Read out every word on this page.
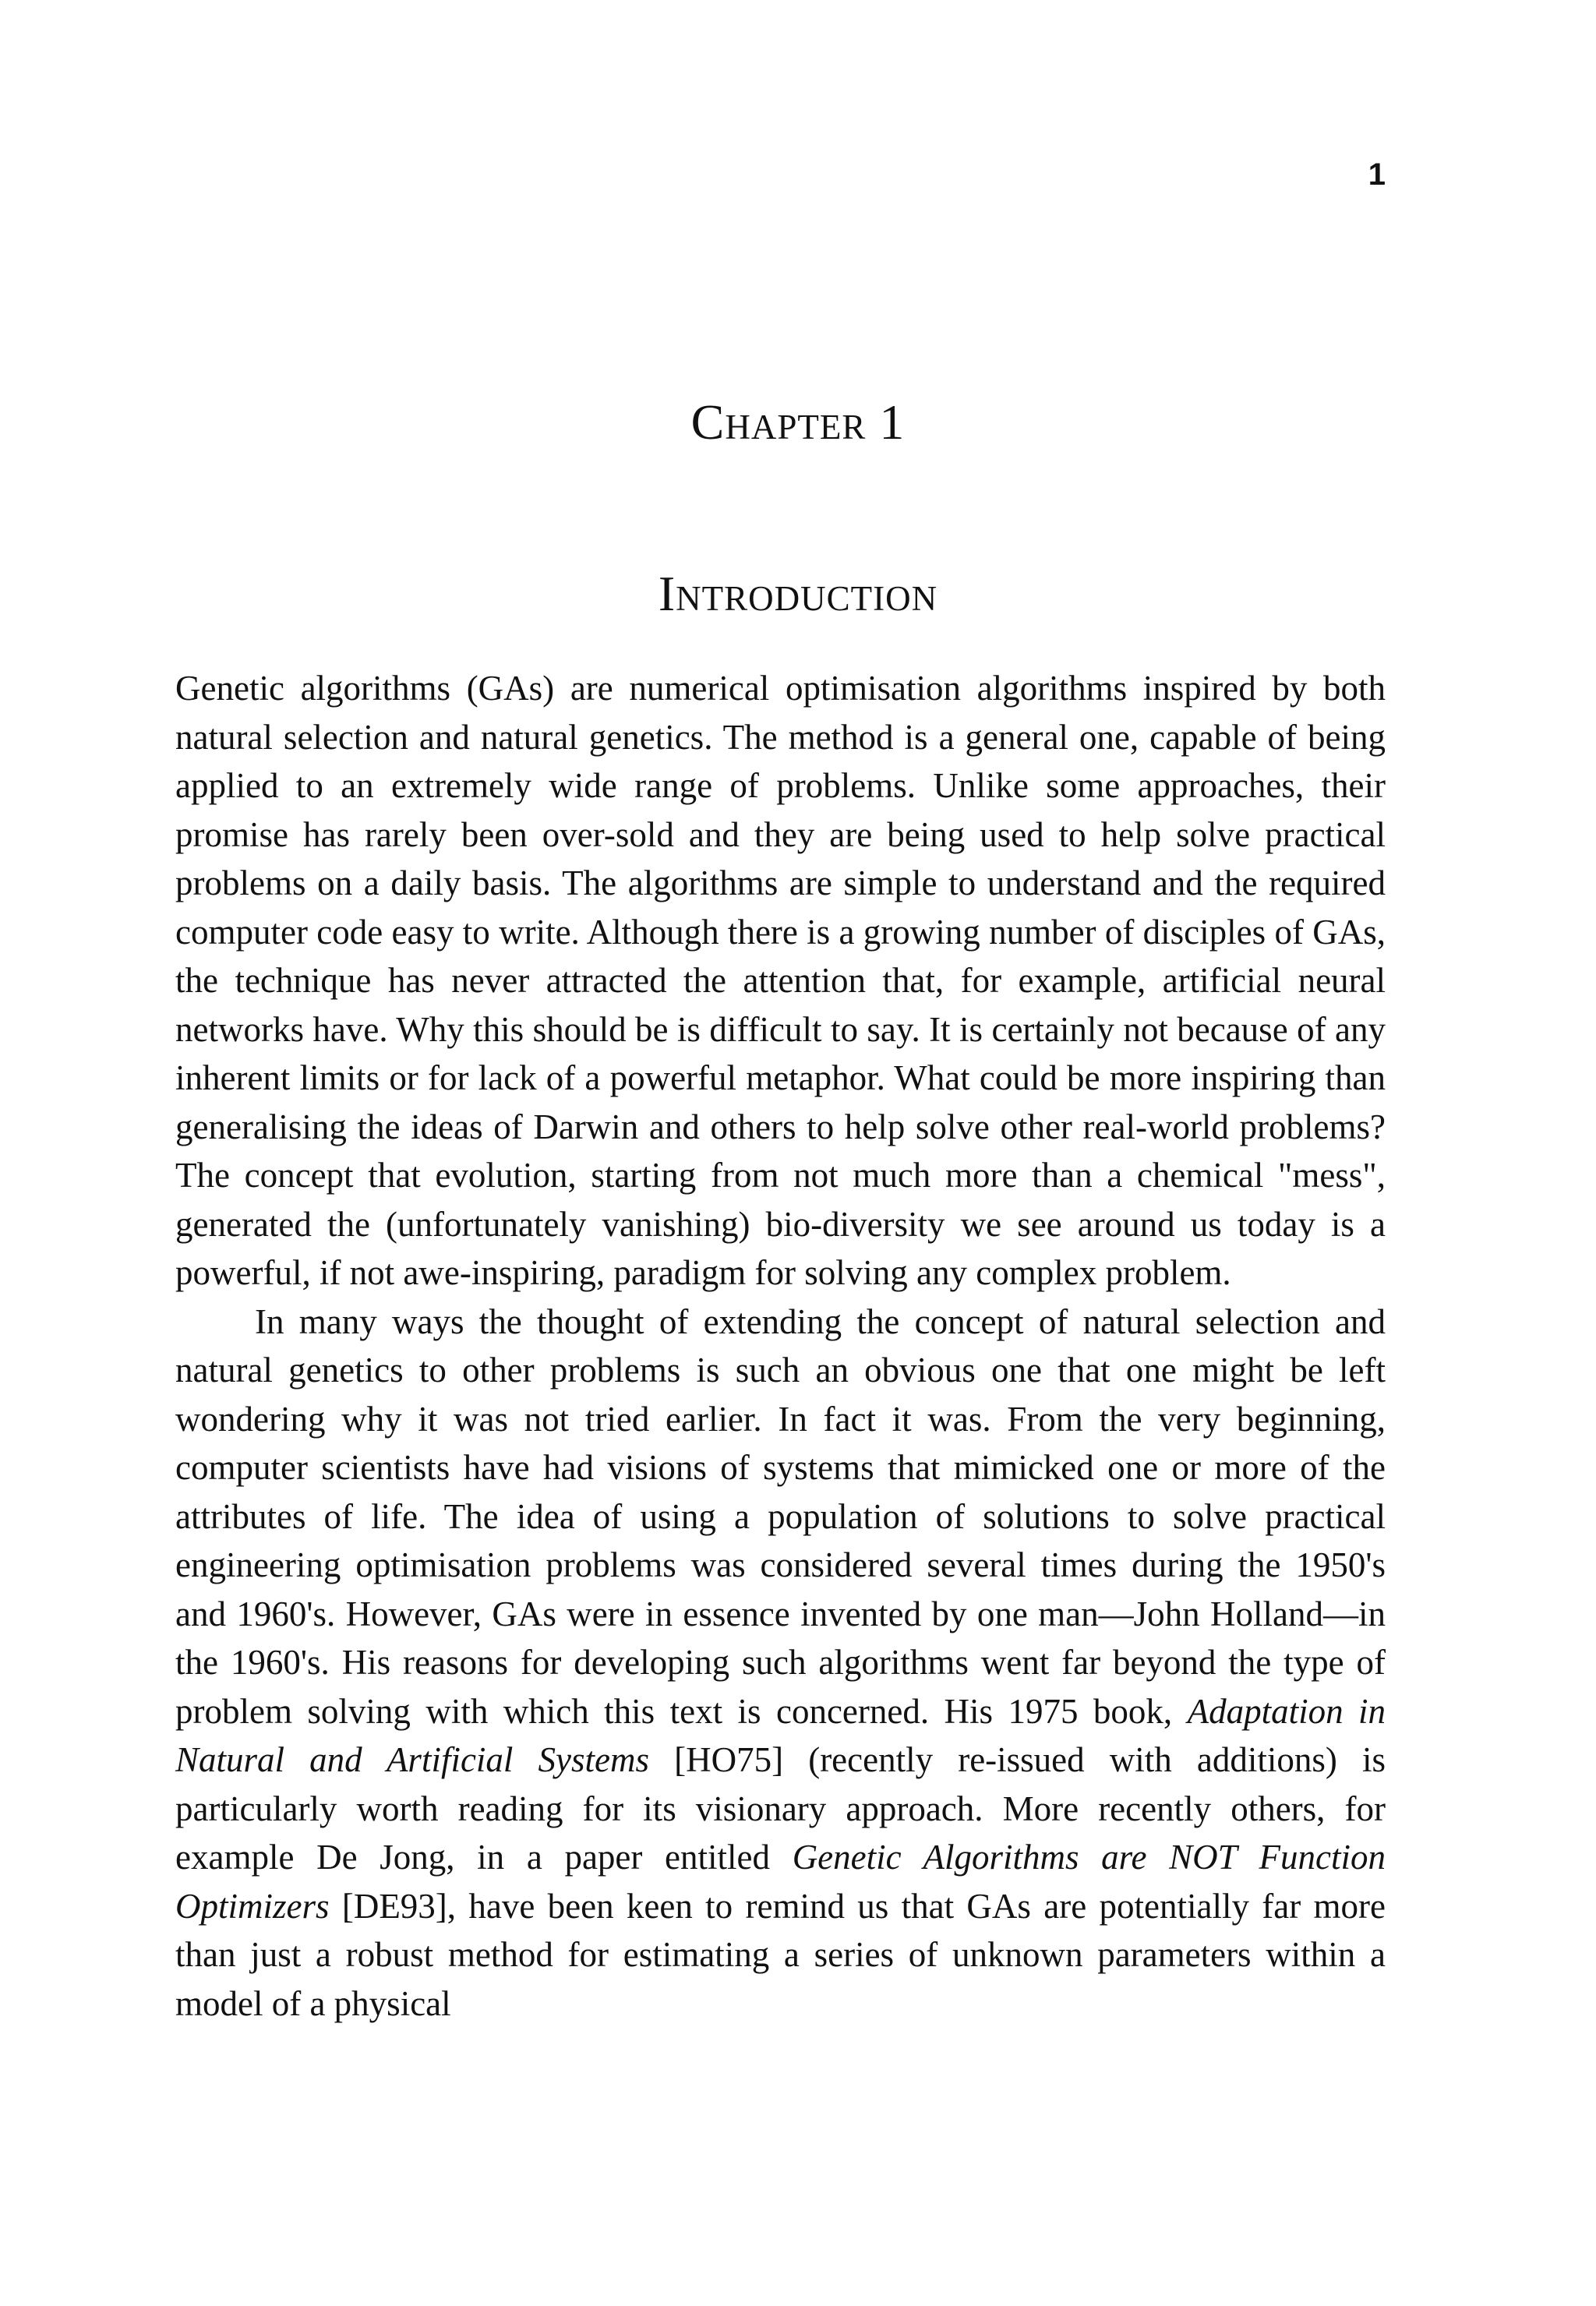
1
Chapter 1
Introduction

Genetic algorithms (GAs) are numerical optimisation algorithms inspired by both natural selection and natural genetics. The method is a general one, capable of being applied to an extremely wide range of problems. Unlike some approaches, their promise has rarely been over-sold and they are being used to help solve practical problems on a daily basis. The algorithms are simple to understand and the required computer code easy to write. Although there is a growing number of disciples of GAs, the technique has never attracted the attention that, for example, artificial neural networks have. Why this should be is difficult to say. It is certainly not because of any inherent limits or for lack of a powerful metaphor. What could be more inspiring than generalising the ideas of Darwin and others to help solve other real-world problems? The concept that evolution, starting from not much more than a chemical "mess", generated the (unfortunately vanishing) bio-diversity we see around us today is a powerful, if not awe-inspiring, paradigm for solving any complex problem.

In many ways the thought of extending the concept of natural selection and natural genetics to other problems is such an obvious one that one might be left wondering why it was not tried earlier. In fact it was. From the very beginning, computer scientists have had visions of systems that mimicked one or more of the attributes of life. The idea of using a population of solutions to solve practical engineering optimisation problems was considered several times during the 1950's and 1960's. However, GAs were in essence invented by one man—John Holland—in the 1960's. His reasons for developing such algorithms went far beyond the type of problem solving with which this text is concerned. His 1975 book, Adaptation in Natural and Artificial Systems [HO75] (recently re-issued with additions) is particularly worth reading for its visionary approach. More recently others, for example De Jong, in a paper entitled Genetic Algorithms are NOT Function Optimizers [DE93], have been keen to remind us that GAs are potentially far more than just a robust method for estimating a series of unknown parameters within a model of a physical
